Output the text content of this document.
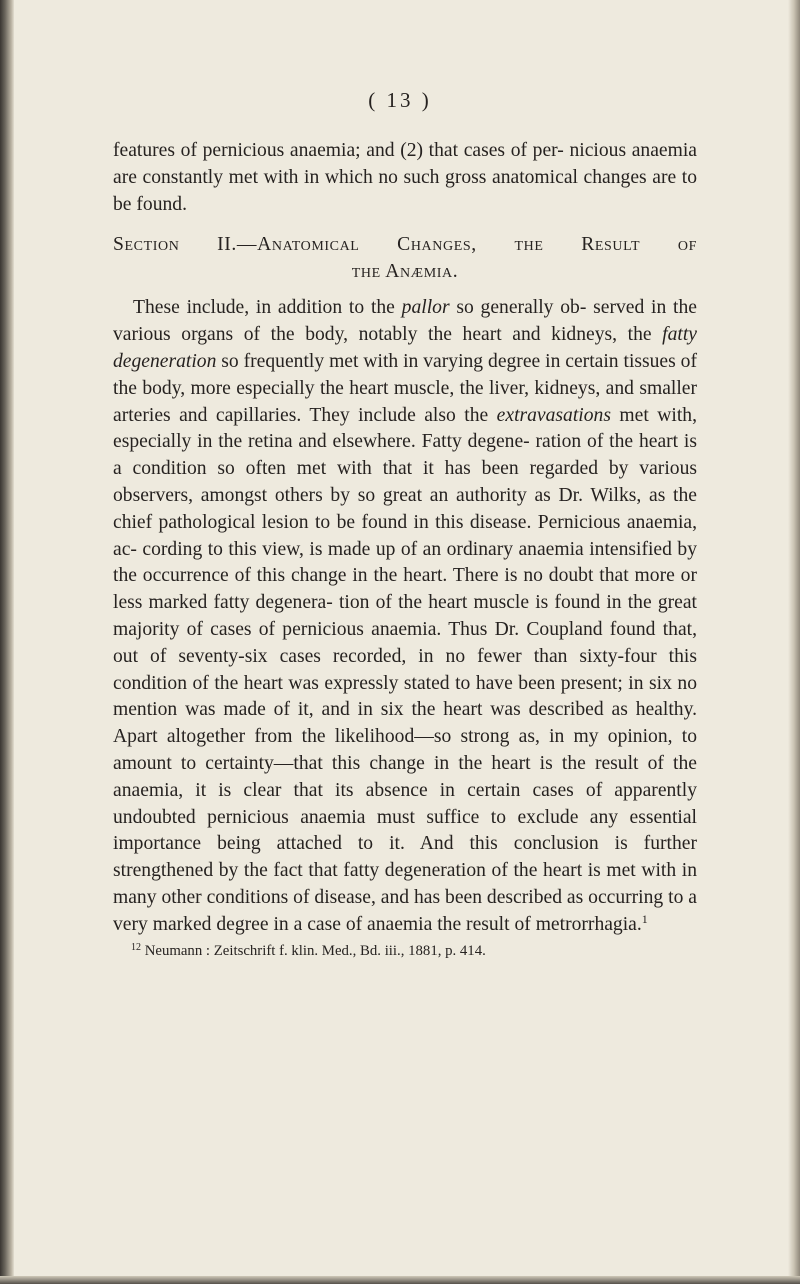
( 13 )

features of pernicious anaemia; and (2) that cases of per- nicious anaemia are constantly met with in which no such gross anatomical changes are to be found.

Section II.—Anatomical Changes, the Result of
the Anæmia.

These include, in addition to the pallor so generally ob- served in the various organs of the body, notably the heart and kidneys, the fatty degeneration so frequently met with in varying degree in certain tissues of the body, more especially the heart muscle, the liver, kidneys, and smaller arteries and capillaries. They include also the extravasations met with, especially in the retina and elsewhere. Fatty degene- ration of the heart is a condition so often met with that it has been regarded by various observers, amongst others by so great an authority as Dr. Wilks, as the chief pathological lesion to be found in this disease. Pernicious anaemia, ac- cording to this view, is made up of an ordinary anaemia intensified by the occurrence of this change in the heart. There is no doubt that more or less marked fatty degenera- tion of the heart muscle is found in the great majority of cases of pernicious anaemia. Thus Dr. Coupland found that, out of seventy-six cases recorded, in no fewer than sixty-four this condition of the heart was expressly stated to have been present; in six no mention was made of it, and in six the heart was described as healthy. Apart altogether from the likelihood—so strong as, in my opinion, to amount to certainty—that this change in the heart is the result of the anaemia, it is clear that its absence in certain cases of apparently undoubted pernicious anaemia must suffice to exclude any essential importance being attached to it. And this conclusion is further strengthened by the fact that fatty degeneration of the heart is met with in many other conditions of disease, and has been described as occurring to a very marked degree in a case of anaemia the result of metrorrhagia.$^1$

$^{12}$ Neumann : Zeitschrift f. klin. Med., Bd. iii., 1881, p. 414.
